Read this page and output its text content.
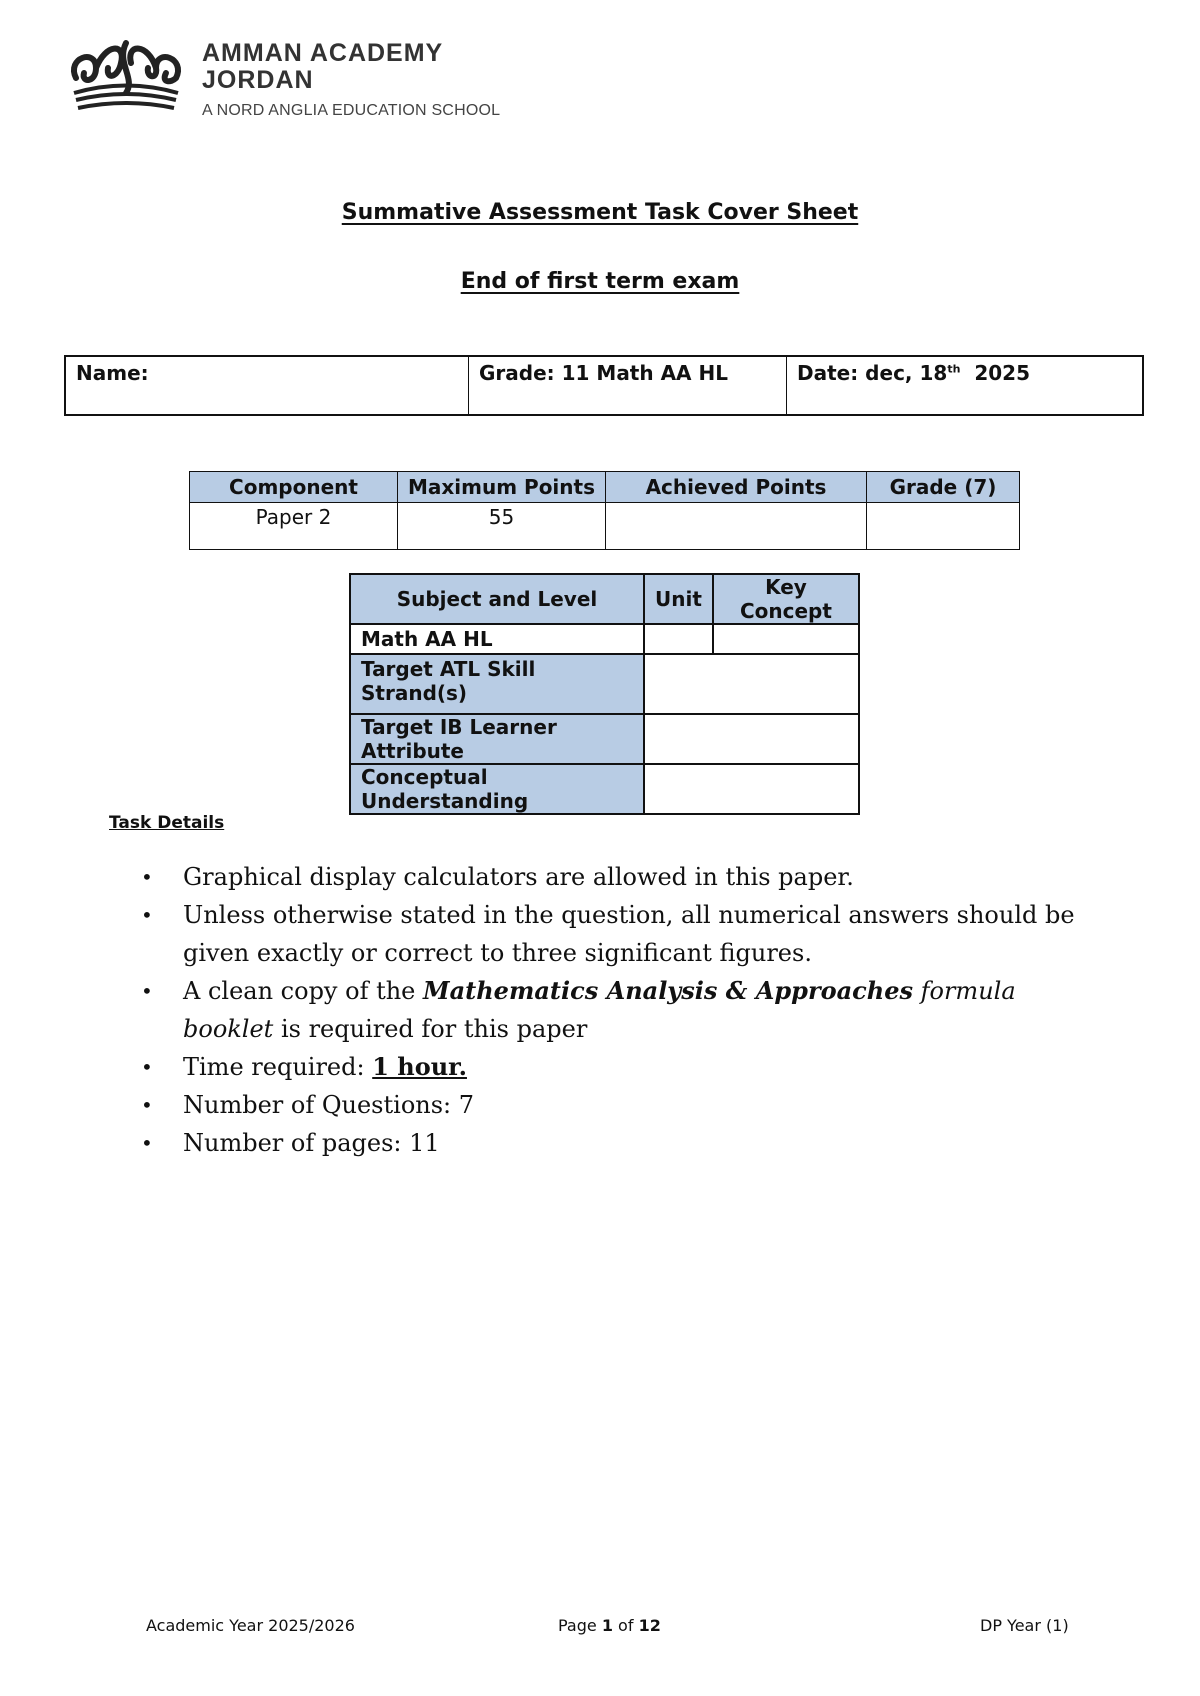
AMMAN ACADEMY
JORDAN
A NORD ANGLIA EDUCATION SCHOOL
Summative Assessment Task Cover Sheet
End of first term exam
Name:	Grade: 11 Math AA HL	Date: dec, 18th 2025
Component	Maximum Points	Achieved Points	Grade (7)
Paper 2	55		
Subject and Level	Unit	Key Concept
Math AA HL		
Target ATL Skill Strand(s)		
Target IB Learner Attribute		
Conceptual Understanding		
Task Details
• Graphical display calculators are allowed in this paper.
• Unless otherwise stated in the question, all numerical answers should be given exactly or correct to three significant figures.
• A clean copy of the Mathematics Analysis & Approaches formula booklet is required for this paper
• Time required: 1 hour.
• Number of Questions: 7
• Number of pages: 11
Academic Year 2025/2026	Page 1 of 12	DP Year (1)
